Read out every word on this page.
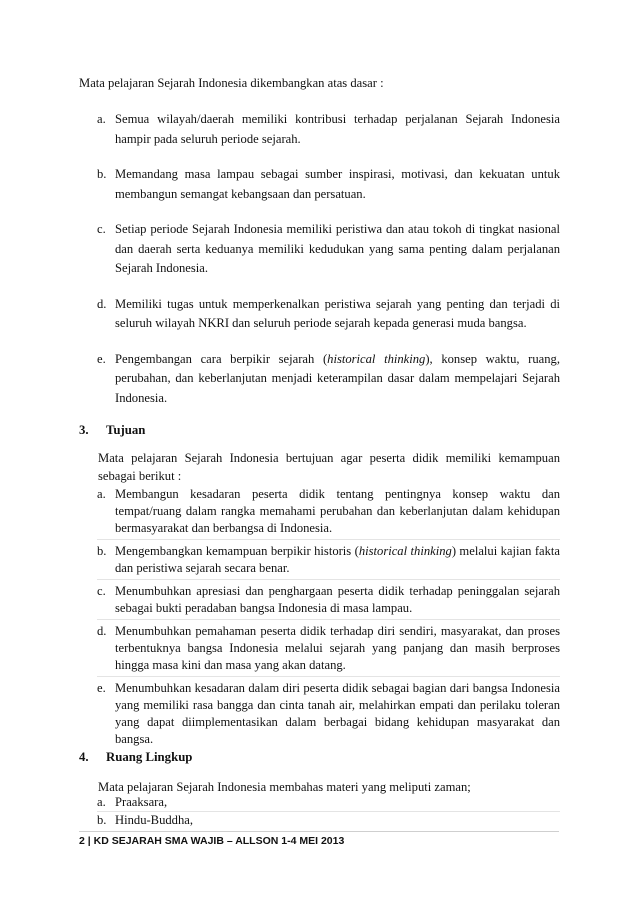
Mata pelajaran Sejarah Indonesia dikembangkan atas dasar :
a. Semua wilayah/daerah memiliki kontribusi terhadap perjalanan Sejarah Indonesia hampir pada seluruh periode sejarah.
b. Memandang masa lampau sebagai sumber inspirasi, motivasi, dan kekuatan untuk membangun semangat kebangsaan dan persatuan.
c. Setiap periode Sejarah Indonesia memiliki peristiwa dan atau tokoh di tingkat nasional dan daerah serta keduanya memiliki kedudukan yang sama penting dalam perjalanan Sejarah Indonesia.
d. Memiliki tugas untuk memperkenalkan peristiwa sejarah yang penting dan terjadi di seluruh wilayah NKRI dan seluruh periode sejarah kepada generasi muda bangsa.
e. Pengembangan cara berpikir sejarah (historical thinking), konsep waktu, ruang, perubahan, dan keberlanjutan menjadi keterampilan dasar dalam mempelajari Sejarah Indonesia.
3.	Tujuan
Mata pelajaran Sejarah Indonesia bertujuan agar peserta didik memiliki kemampuan sebagai berikut :
a. Membangun kesadaran peserta didik tentang pentingnya konsep waktu dan tempat/ruang dalam rangka memahami perubahan dan keberlanjutan dalam kehidupan bermasyarakat dan berbangsa di Indonesia.
b. Mengembangkan kemampuan berpikir historis (historical thinking) melalui kajian fakta dan peristiwa sejarah secara benar.
c. Menumbuhkan apresiasi dan penghargaan peserta didik terhadap peninggalan sejarah sebagai bukti peradaban bangsa Indonesia di masa lampau.
d. Menumbuhkan pemahaman peserta didik terhadap diri sendiri, masyarakat, dan proses terbentuknya bangsa Indonesia melalui sejarah yang panjang dan masih berproses hingga masa kini dan masa yang akan datang.
e. Menumbuhkan kesadaran dalam diri peserta didik sebagai bagian dari bangsa Indonesia yang memiliki rasa bangga dan cinta tanah air, melahirkan empati dan perilaku toleran yang dapat diimplementasikan dalam berbagai bidang kehidupan masyarakat dan bangsa.
4.	Ruang Lingkup
Mata pelajaran Sejarah Indonesia membahas materi yang meliputi zaman;
a. Praaksara,
b. Hindu-Buddha,
2 | KD SEJARAH SMA WAJIB – ALLSON 1-4 MEI 2013
